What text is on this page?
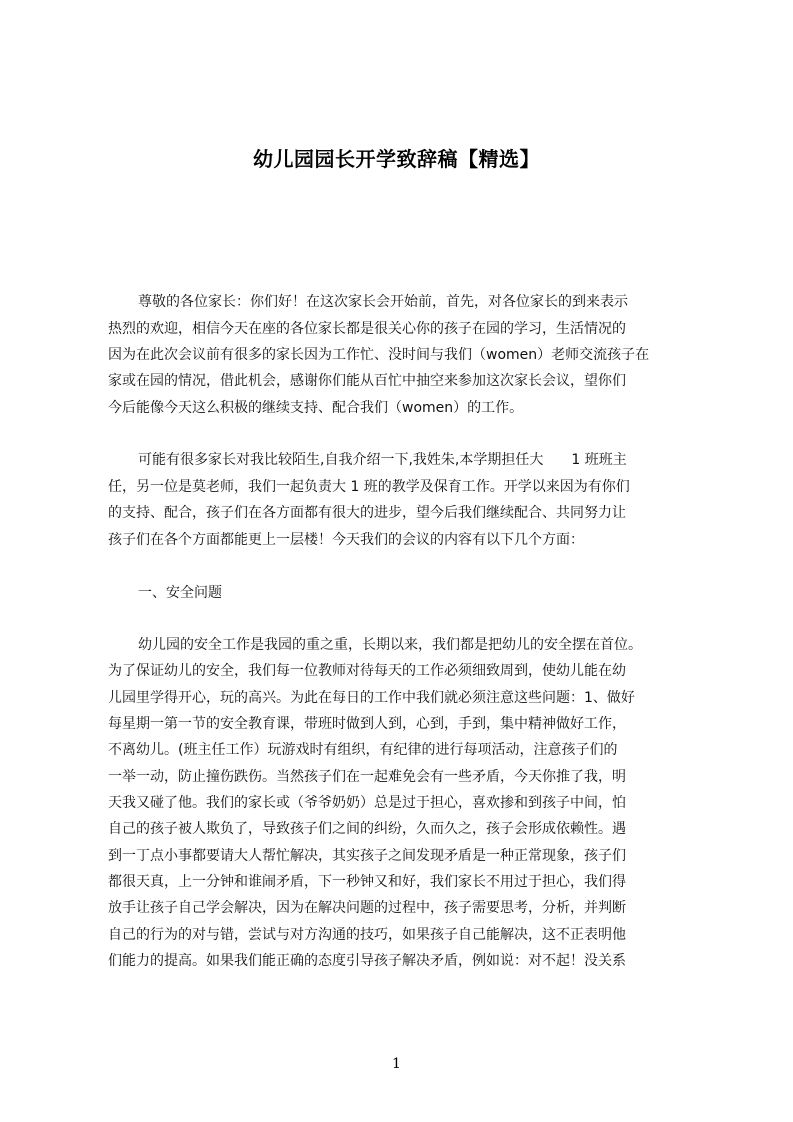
幼儿园园长开学致辞稿【精选】
尊敬的各位家长：你们好！在这次家长会开始前，首先，对各位家长的到来表示
热烈的欢迎，相信今天在座的各位家长都是很关心你的孩子在园的学习，生活情况的
因为在此次会议前有很多的家长因为工作忙、没时间与我们（women）老师交流孩子在
家或在园的情况，借此机会，感谢你们能从百忙中抽空来参加这次家长会议，望你们
今后能像今天这么积极的继续支持、配合我们（women）的工作。
可能有很多家长对我比较陌生,自我介绍一下,我姓朱,本学期担任大　　1 班班主
任，另一位是莫老师，我们一起负责大 1 班的教学及保育工作。开学以来因为有你们
的支持、配合，孩子们在各方面都有很大的进步，望今后我们继续配合、共同努力让
孩子们在各个方面都能更上一层楼！今天我们的会议的内容有以下几个方面：
一、安全问题
幼儿园的安全工作是我园的重之重，长期以来，我们都是把幼儿的安全摆在首位。
为了保证幼儿的安全，我们每一位教师对待每天的工作必须细致周到，使幼儿能在幼
儿园里学得开心，玩的高兴。为此在每日的工作中我们就必须注意这些问题：1、做好
每星期一第一节的安全教育课，带班时做到人到，心到，手到，集中精神做好工作，
不离幼儿。(班主任工作）玩游戏时有组织，有纪律的进行每项活动，注意孩子们的
一举一动，防止撞伤跌伤。当然孩子们在一起难免会有一些矛盾，今天你推了我，明
天我又碰了他。我们的家长或（爷爷奶奶）总是过于担心，喜欢掺和到孩子中间，怕
自己的孩子被人欺负了，导致孩子们之间的纠纷，久而久之，孩子会形成依赖性。遇
到一丁点小事都要请大人帮忙解决，其实孩子之间发现矛盾是一种正常现象，孩子们
都很天真，上一分钟和谁闹矛盾，下一秒钟又和好，我们家长不用过于担心，我们得
放手让孩子自己学会解决，因为在解决问题的过程中，孩子需要思考，分析，并判断
自己的行为的对与错，尝试与对方沟通的技巧，如果孩子自己能解决，这不正表明他
们能力的提高。如果我们能正确的态度引导孩子解决矛盾，例如说：对不起！没关系
1
